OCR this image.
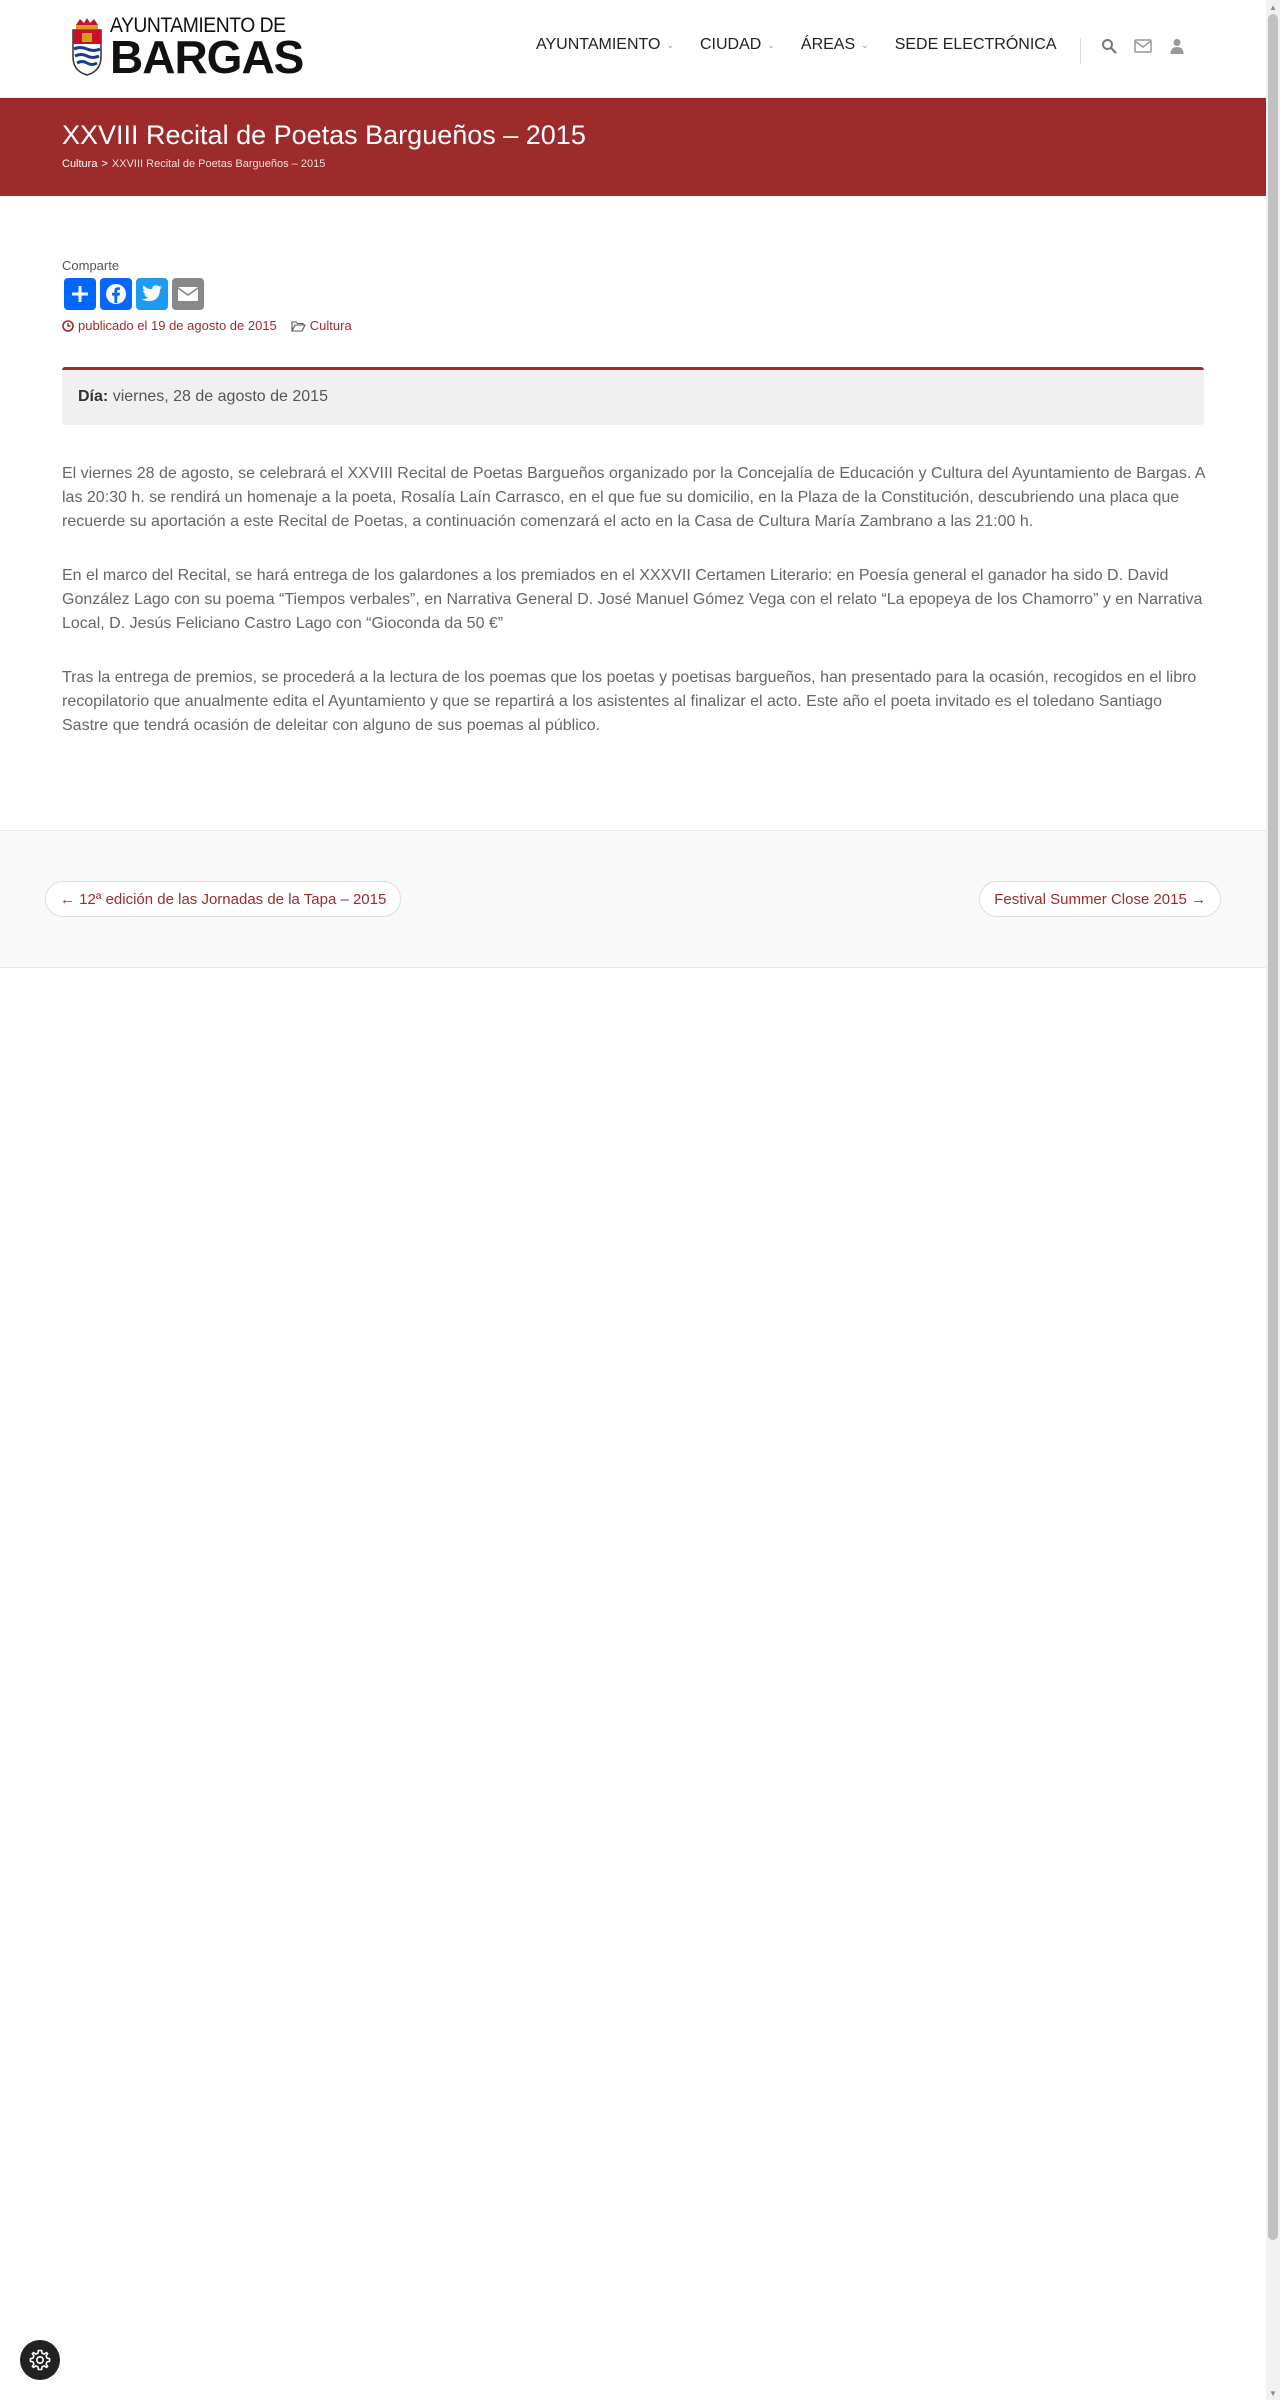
AYUNTAMIENTO DE
BARGAS	AYUNTAMIENTO ⌄ CIUDAD ⌄ ÁREAS ⌄ SEDE ELECTRÓNICA
XXVIII Recital de Poetas Bargueños – 2015
Cultura > XXVIII Recital de Poetas Bargueños – 2015
Comparte
publicado el 19 de agosto de 2015	Cultura
Día: viernes, 28 de agosto de 2015

El viernes 28 de agosto, se celebrará el XXVIII Recital de Poetas Bargueños organizado por la Concejalía de Educación y Cultura del Ayuntamiento de Bargas. A las 20:30 h. se rendirá un homenaje a la poeta, Rosalía Laín Carrasco, en el que fue su domicilio, en la Plaza de la Constitución, descubriendo una placa que recuerde su aportación a este Recital de Poetas, a continuación comenzará el acto en la Casa de Cultura María Zambrano a las 21:00 h.

En el marco del Recital, se hará entrega de los galardones a los premiados en el XXXVII Certamen Literario: en Poesía general el ganador ha sido D. David González Lago con su poema “Tiempos verbales”, en Narrativa General D. José Manuel Gómez Vega con el relato “La epopeya de los Chamorro” y en Narrativa Local, D. Jesús Feliciano Castro Lago con “Gioconda da 50 €”

Tras la entrega de premios, se procederá a la lectura de los poemas que los poetas y poetisas bargueños, han presentado para la ocasión, recogidos en el libro recopilatorio que anualmente edita el Ayuntamiento y que se repartirá a los asistentes al finalizar el acto. Este año el poeta invitado es el toledano Santiago Sastre que tendrá ocasión de deleitar con alguno de sus poemas al público.

← 12ª edición de las Jornadas de la Tapa – 2015	Festival Summer Close 2015 →
▲
▼
